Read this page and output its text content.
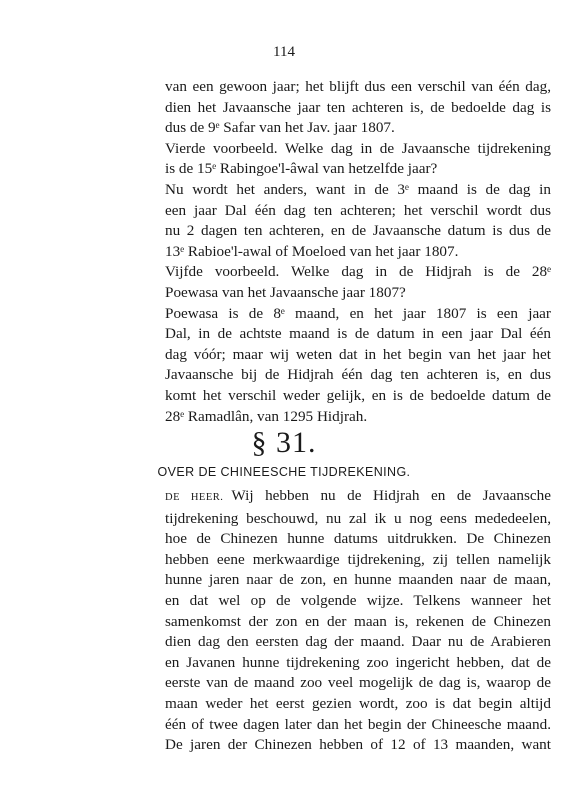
114
van een gewoon jaar; het blijft dus een verschil van één dag,
dien het Javaansche jaar ten achteren is, de bedoelde dag is
dus de 9ᵉ Safar van het Jav. jaar 1807.
Vierde voorbeeld. Welke dag in de Javaansche tijdrekening
is de 15ᵉ Rabingoe'l-âwal van hetzelfde jaar?
Nu wordt het anders, want in de 3ᵉ maand is de dag in
een jaar Dal één dag ten achteren; het verschil wordt dus
nu 2 dagen ten achteren, en de Javaansche datum is dus de
13ᵉ Rabioe'l-awal of Moeloed van het jaar 1807.
Vijfde voorbeeld. Welke dag in de Hidjrah is de 28ᵉ
Poewasa van het Javaansche jaar 1807?
Poewasa is de 8ᵉ maand, en het jaar 1807 is een jaar
Dal, in de achtste maand is de datum in een jaar Dal één
dag vóór; maar wij weten dat in het begin van het jaar het
Javaansche bij de Hidjrah één dag ten achteren is, en dus
komt het verschil weder gelijk, en is de bedoelde datum de
28ᵉ Ramadlân, van 1295 Hidjrah.
§ 31.
OVER DE CHINEESCHE TIJDREKENING.
DE HEER. Wij hebben nu de Hidjrah en de Javaansche
tijdrekening beschouwd, nu zal ik u nog eens mededeelen,
hoe de Chinezen hunne datums uitdrukken. De Chinezen
hebben eene merkwaardige tijdrekening, zij tellen namelijk
hunne jaren naar de zon, en hunne maanden naar de maan,
en dat wel op de volgende wijze. Telkens wanneer het
samenkomst der zon en der maan is, rekenen de Chinezen
dien dag den eersten dag der maand. Daar nu de Arabieren
en Javanen hunne tijdrekening zoo ingericht hebben, dat de
eerste van de maand zoo veel mogelijk de dag is, waarop de
maan weder het eerst gezien wordt, zoo is dat begin altijd
één of twee dagen later dan het begin der Chineesche maand.
De jaren der Chinezen hebben of 12 of 13 maanden, want
